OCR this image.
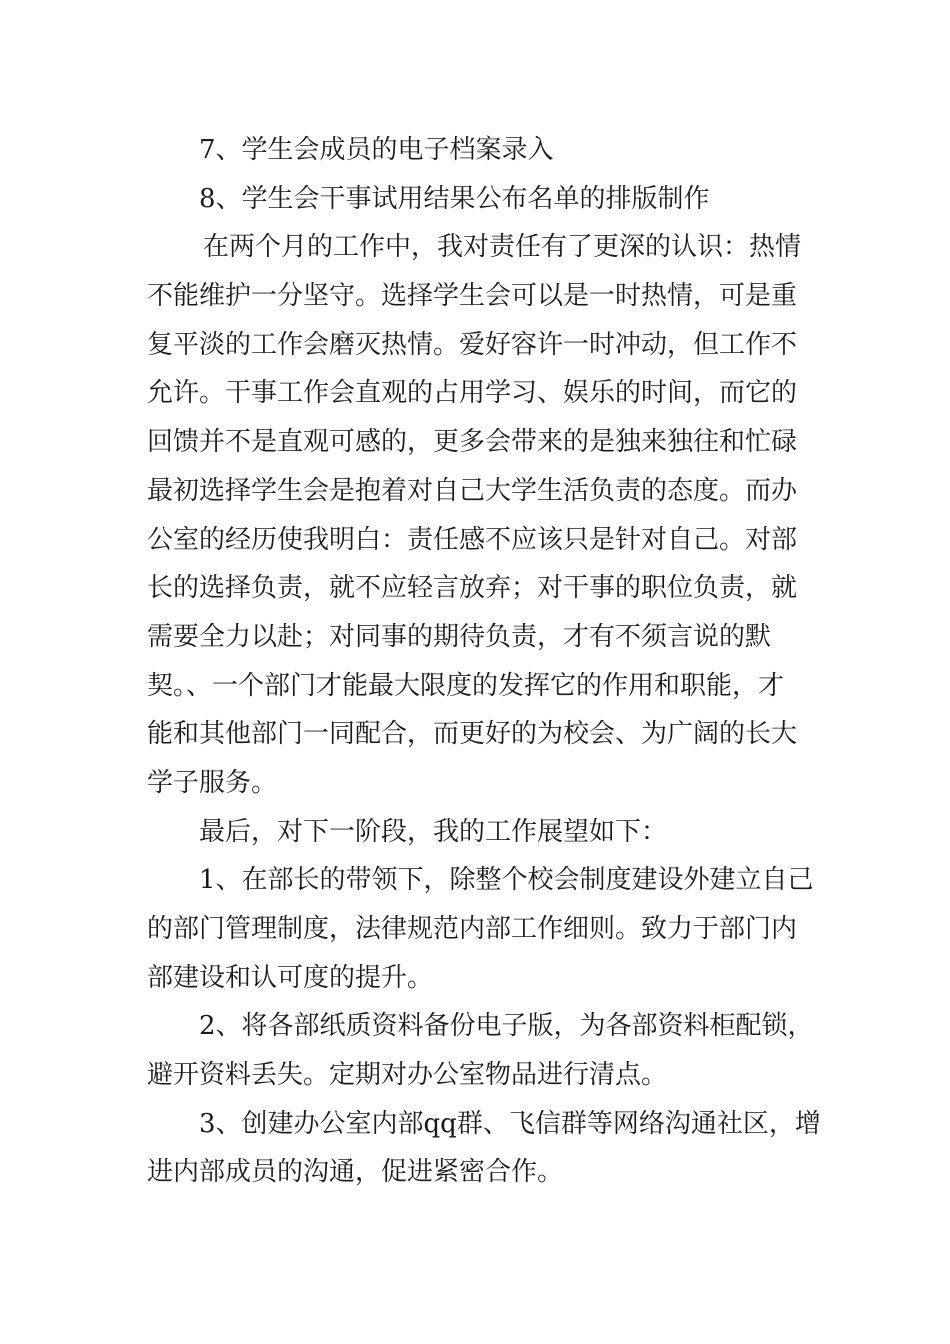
7、学生会成员的电子档案录入
8、学生会干事试用结果公布名单的排版制作
在两个月的工作中，我对责任有了更深的认识：热情
不能维护一分坚守。选择学生会可以是一时热情，可是重
复平淡的工作会磨灭热情。爱好容许一时冲动，但工作不
允许。干事工作会直观的占用学习、娱乐的时间，而它的
回馈并不是直观可感的，更多会带来的是独来独往和忙碌
最初选择学生会是抱着对自己大学生活负责的态度。而办
公室的经历使我明白：责任感不应该只是针对自己。对部
长的选择负责，就不应轻言放弃；对干事的职位负责，就
需要全力以赴；对同事的期待负责，才有不须言说的默
契。、一个部门才能最大限度的发挥它的作用和职能，才
能和其他部门一同配合，而更好的为校会、为广阔的长大
学子服务。
最后，对下一阶段，我的工作展望如下：
1、在部长的带领下，除整个校会制度建设外建立自己
的部门管理制度，法律规范内部工作细则。致力于部门内
部建设和认可度的提升。
2、将各部纸质资料备份电子版，为各部资料柜配锁，
避开资料丢失。定期对办公室物品进行清点。
3、创建办公室内部qq群、飞信群等网络沟通社区，增
进内部成员的沟通，促进紧密合作。
